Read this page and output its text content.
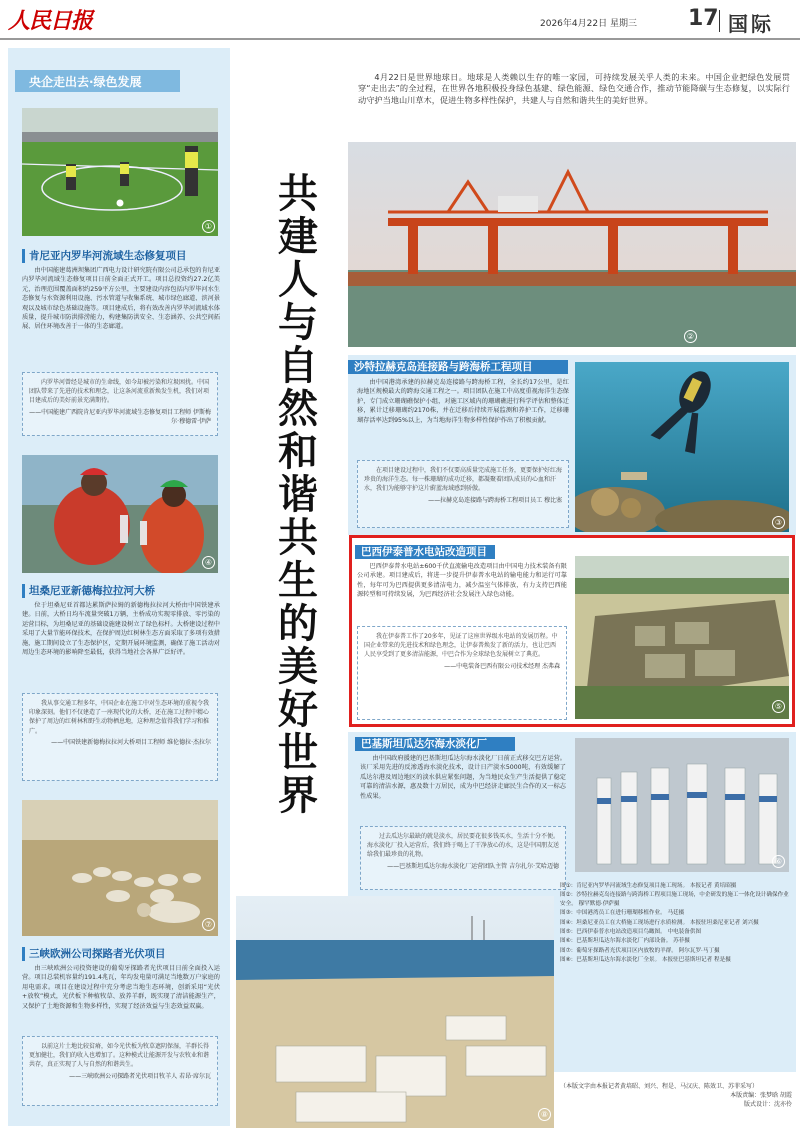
人民日报	2026年4月22日 星期三 17 国际
央企走出去·绿色发展
共
建
人
与
自
然
和
谐
共
生
的
美
好
世
界
4月22日是世界地球日。地球是人类赖以生存的唯一家园，可持续发展关乎人类的未来。中国企业把绿色发展贯穿“走出去”的全过程，在世界各地积极投身绿色基建、绿色能源、绿色交通合作，推动节能降碳与生态修复，以实际行动守护当地山川草木，促进生物多样性保护，共建人与自然和谐共生的美好世界。
①
肯尼亚内罗毕河流域生态修复项目
由中国能建葛洲坝集团广西电力设计研究院有限公司总承包的肯尼亚内罗毕河流域生态修复项目日前全面正式开工。项目总投资约27.2亿美元，治理范围覆盖面积约259平方公里，主要建设内容包括内罗毕河水生态修复与水资源利用设施、污水管道与收集系统、城市绿色廊道、滨河景观以及城市绿色基础设施等。项目建成后，将有效改善内罗毕河流域水体质量，提升城市防洪排涝能力，构建集防洪安全、生态涵养、公共空间拓展、居住环境改善于一体的生态廊道。
内罗毕河曾经是城市的生命线，如今却被污染和垃圾困扰。中国团队带来了先进的技术和理念，让这条河流重新焕发生机，我们对项目建成后的美好前景充满期待。
——中国能建广西院肯尼亚内罗毕河流域生态修复项目工程师 伊斯梅尔·穆德雷·伊萨
④
坦桑尼亚新德梅拉拉河大桥
位于坦桑尼亚首都达累斯萨拉姆的新德梅拉拉河大桥由中国铁建承建。日前，大桥日均车流量突破1万辆，主桥成功实现零排放、零污染的运营目标，为坦桑尼亚的基础设施建设树立了绿色标杆。大桥建设过程中采用了大量节能环保技术，在保护周边红树林生态方面采取了多项有效措施，施工期间设立了生态保护区，定期开展环境监测，确保了施工活动对周边生态环境的影响降至最低，获得当地社会各界广泛好评。
我从事交通工程多年，中国企业在施工中对生态环境的重视令我印象深刻。他们不仅建造了一座现代化的大桥，还在施工过程中精心保护了周边的红树林和野生动物栖息地，这种理念值得我们学习和推广。
——中国铁建新德梅拉拉河大桥项目工程师 维伦德拉·杰拉尔
⑦
三峡欧洲公司探路者光伏项目
由三峡欧洲公司投资建设的葡萄牙探路者光伏项目日前全面投入运营。项目总装机容量约191.4兆瓦，年均发电量可满足当地数万户家庭的用电需求。项目在建设过程中充分考虑当地生态环境，创新采用“光伏+放牧”模式，光伏板下种植牧草、放养羊群，既实现了清洁能源生产，又保护了土地资源和生物多样性，实现了经济效益与生态效益双赢。
以前这片土地比较贫瘠，如今光伏板为牧草遮阴保湿，羊群长得更加健壮，我们的收入也增加了。这种模式让能源开发与农牧业和谐共存，真正实现了人与自然的和谐共生。
——三峡欧洲公司探路者光伏项目牧羊人 若昂·席尔瓦
②
沙特拉赫克岛连接路与跨海桥工程项目
由中国港湾承建的拉赫克岛连接路与跨海桥工程，全长约17公里，是红海地区规模最大的跨海交通工程之一。项目团队在施工中高度重视海洋生态保护，专门成立珊瑚礁保护小组，对施工区域内的珊瑚礁进行科学评估和整体迁移，累计迁移珊瑚约2170株，并在迁移后持续开展监测和养护工作，迁移珊瑚存活率达到95%以上，为当地海洋生物多样性保护作出了积极贡献。
在项目建设过程中，我们不仅要高质量完成施工任务，更要保护好红海珍贵的海洋生态。每一株珊瑚的成功迁移，都凝聚着团队成员的心血和汗水，我们为能够守护这片蔚蓝海域感到骄傲。
——拉赫克岛连接路与跨海桥工程项目员工 穆比塞
③
巴西伊泰普水电站改造项目
巴西伊泰普水电站±600千伏直流输电改造项目由中国电力技术装备有限公司承建。项目建成后，将进一步提升伊泰普水电站的输电能力和运行可靠性，每年可为巴西提供更多清洁电力，减少温室气体排放，有力支持巴西能源转型和可持续发展，为巴西经济社会发展注入绿色动能。
我在伊泰普工作了20多年，见证了这座世界级水电站的发展历程。中国企业带来的先进技术和绿色理念，让伊泰普焕发了新的活力，也让巴西人民享受到了更多清洁能源，中巴合作为全球绿色发展树立了典范。
——中电装备巴西有限公司技术经理 杰弗森
⑤
巴基斯坦瓜达尔海水淡化厂
由中国政府援建的巴基斯坦瓜达尔海水淡化厂日前正式移交巴方运营。该厂采用先进的反渗透海水淡化技术，设计日产淡水5000吨，有效缓解了瓜达尔港及周边地区的淡水供应紧张问题，为当地民众生产生活提供了稳定可靠的清洁水源，惠及数十万居民，成为中巴经济走廊民生合作的又一标志性成果。
过去瓜达尔最缺的就是淡水，居民要花很多钱买水，生活十分不便。海水淡化厂投入运营后，我们终于喝上了干净放心的水，这是中国朋友送给我们最珍贵的礼物。
——巴基斯坦瓜达尔海水淡化厂运营团队主管 吉尔扎尔·艾哈迈德
⑥
⑧

图①：肯尼亚内罗毕河流域生态修复项目施工现场。 本报记者 黄培昭摄

图②：沙特拉赫克岛连接路与跨海桥工程项目施工现场，中企研发的施工一体化设计确保作业安全。 穆罕默德·伊萨摄

图③：中国港湾员工在进行珊瑚移植作业。 马廷摄

图④：坦桑尼亚员工在大桥施工现场进行水质检测。 本报驻坦桑尼亚记者 刘兴摄

图⑤：巴西伊泰普水电站改造项目鸟瞰图。 中电装备供图

图⑥：巴基斯坦瓜达尔海水淡化厂内部设备。 苏菲摄

图⑦：葡萄牙探路者光伏项目区内放牧的羊群。 阿尔瓦罗·马丁摄

图⑧：巴基斯坦瓜达尔海水淡化厂全景。 本报驻巴基斯坦记者 程是摄

（本版文字由本报记者黄培昭、刘兴、程是、马汉庆、陈效卫、苏菲采写）

本版责编：张梦晗 胡霞

版式设计：沈亦伶
